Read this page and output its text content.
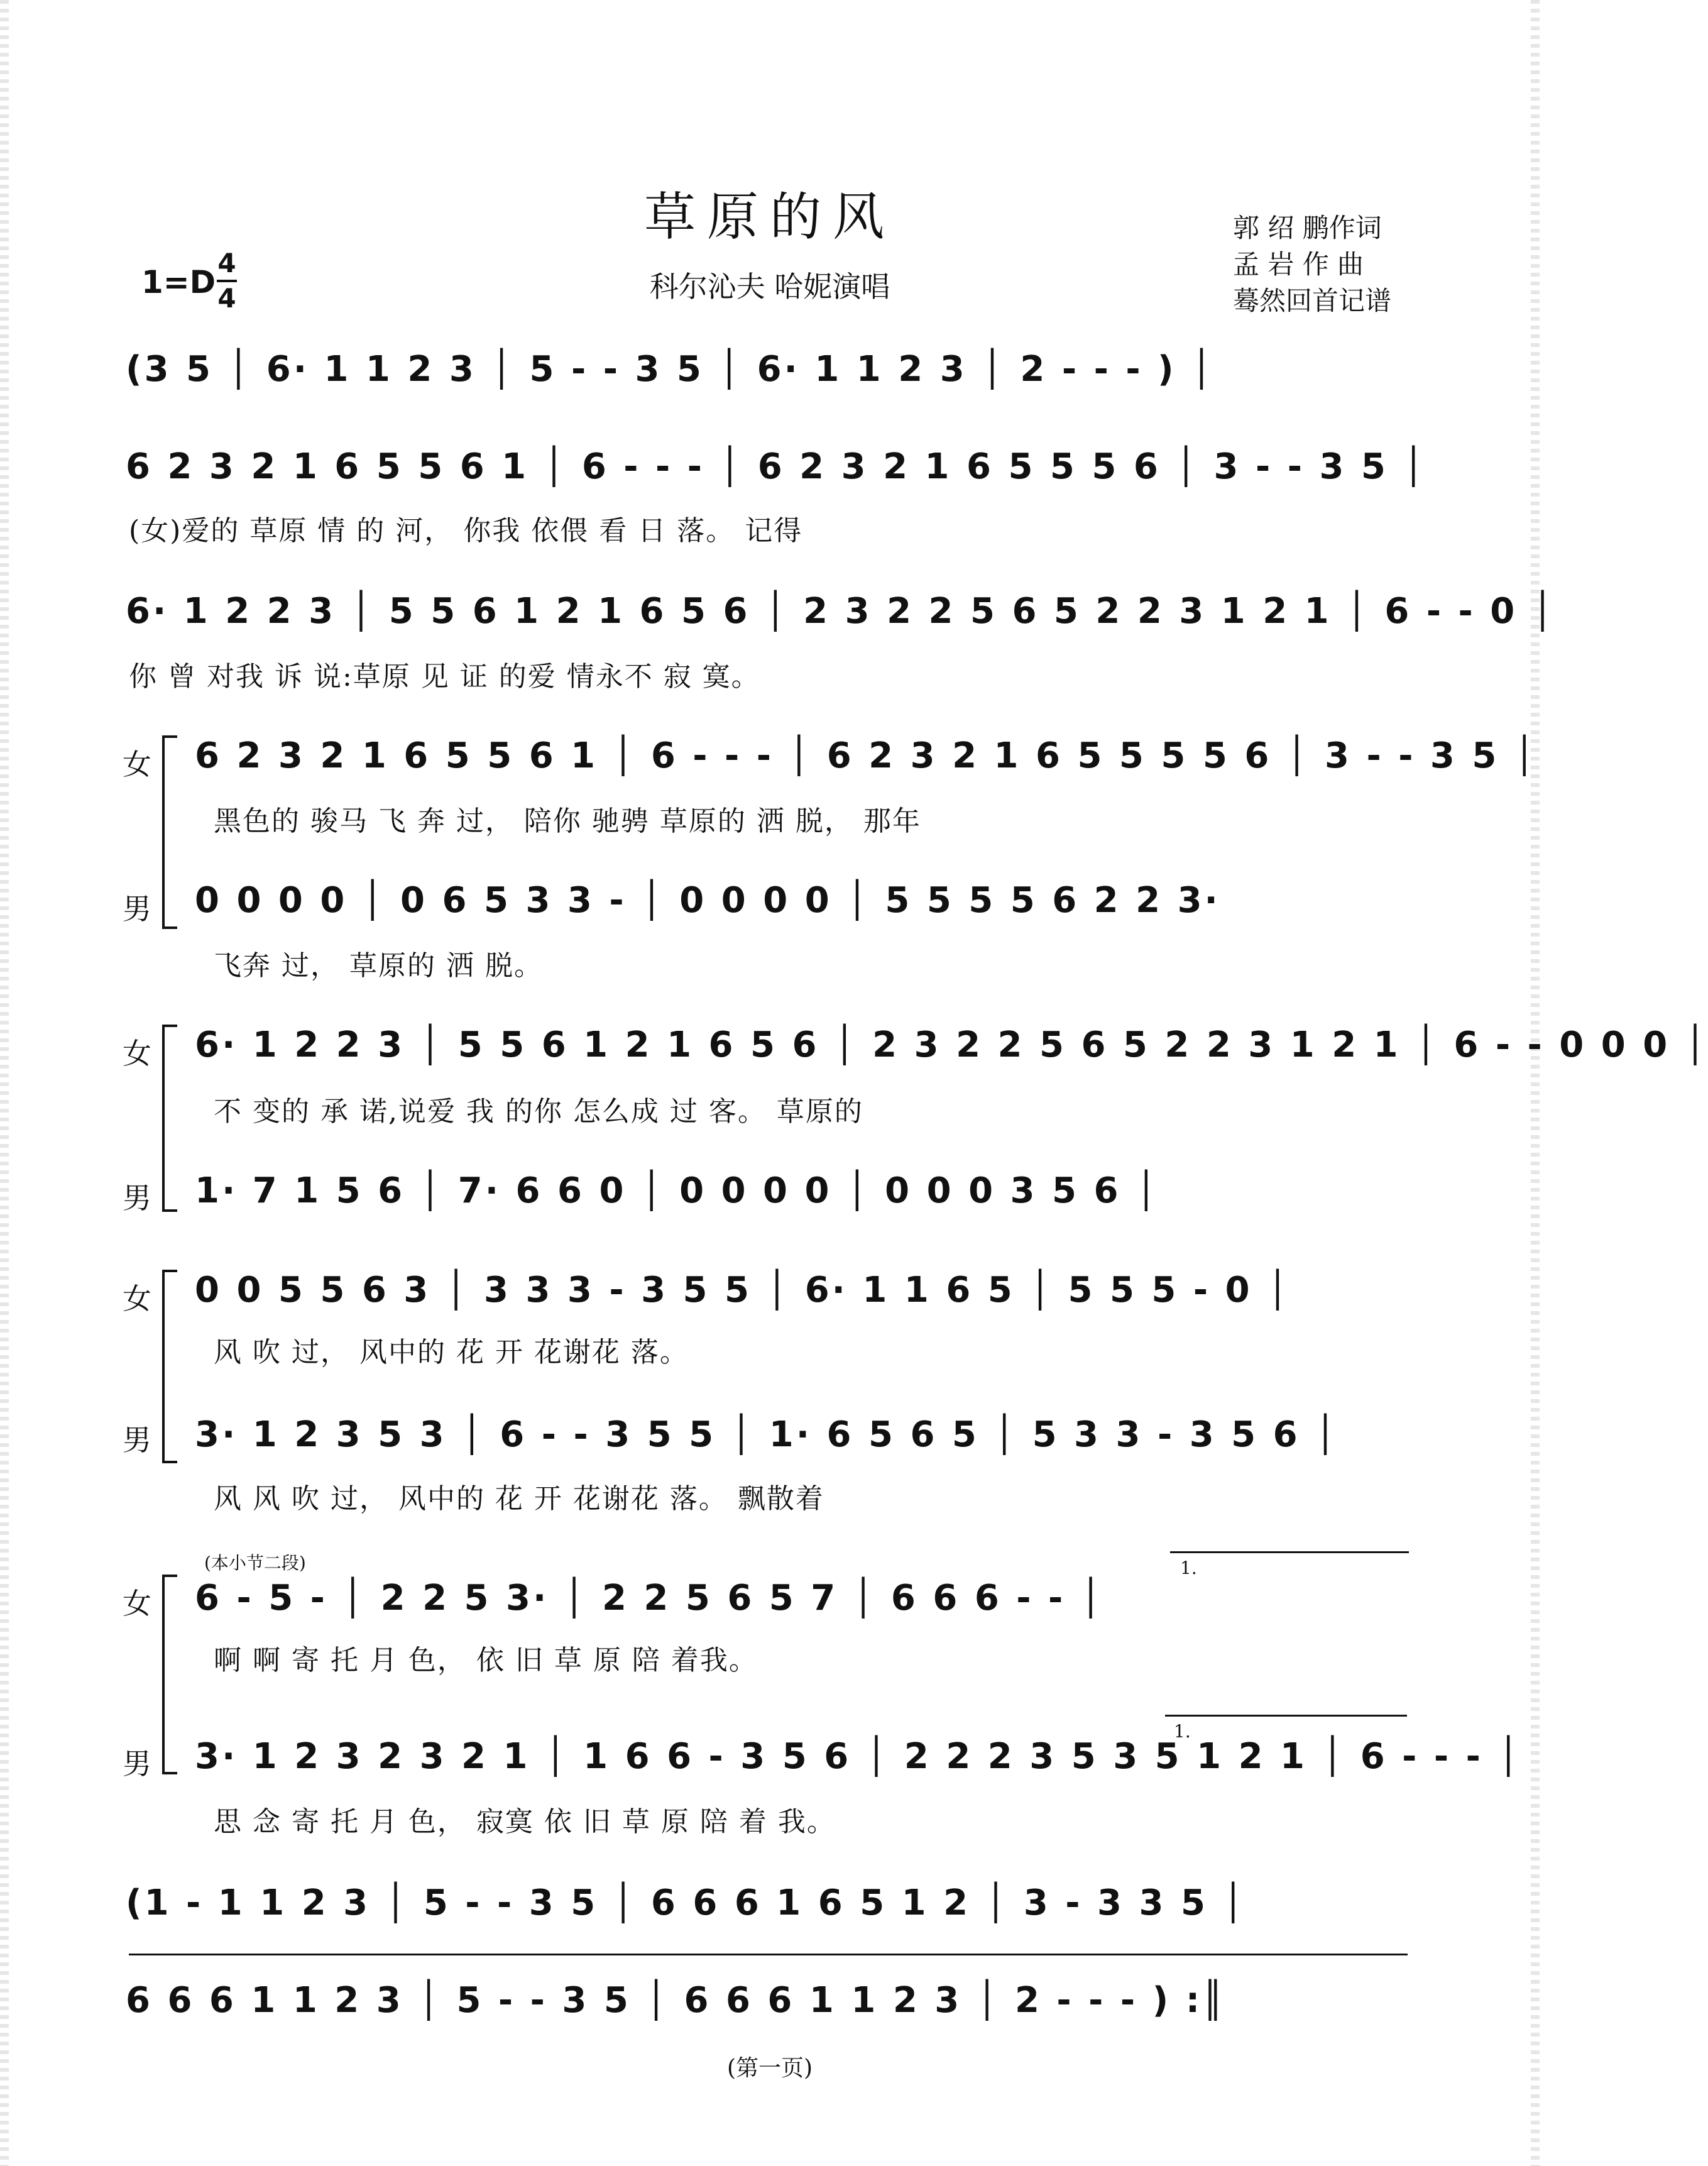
草原的风
科尔沁夫 哈妮演唱
郭 绍 鹏作词
孟 岩 作 曲
蓦然回首记谱
1=D
4
4
(3 5 │ 6· 1 1 2 3 │ 5 - - 3 5 │ 6· 1 1 2 3 │ 2 - - - ) │
6 2 3 2 1 6 5 5 6 1 │ 6 - - - │ 6 2 3 2 1 6 5 5 5 6 │ 3 - - 3 5 │
(女)爱的 草原 情 的 河， 你我 依偎 看 日 落。 记得
6· 1 2 2 3 │ 5 5 6 1 2 1 6 5 6 │ 2 3 2 2 5 6 5 2 2 3 1 2 1 │ 6 - - 0 │
你 曾 对我 诉 说:草原 见 证 的爱 情永不 寂 寞。
女 6 2 3 2 1 6 5 5 6 1 │ 6 - - - │ 6 2 3 2 1 6 5 5 5 5 6 │ 3 - - 3 5 │
黑色的 骏马 飞 奔 过， 陪你 驰骋 草原的 洒 脱， 那年
男 0 0 0 0 │ 0 6 5 3 3 - │ 0 0 0 0 │ 5 5 5 5 6 2 2 3·
飞奔 过， 草原的 洒 脱。
女 6· 1 2 2 3 │ 5 5 6 1 2 1 6 5 6 │ 2 3 2 2 5 6 5 2 2 3 1 2 1 │ 6 - - 0 0 0 │
不 变的 承 诺,说爱 我 的你 怎么成 过 客。 草原的
男 1· 7 1 5 6 │ 7· 6 6 0 │ 0 0 0 0 │ 0 0 0 3 5 6 │
女 0 0 5 5 6 3 │ 3 3 3 - 3 5 5 │ 6· 1 1 6 5 │ 5 5 5 - 0 │
风 吹 过， 风中的 花 开 花谢花 落。
男 3· 1 2 3 5 3 │ 6 - - 3 5 5 │ 1· 6 5 6 5 │ 5 3 3 - 3 5 6 │
风 风 吹 过， 风中的 花 开 花谢花 落。 飘散着
(本小节二段)
女 6 - 5 - │ 2 2 5 3· │ 2 2 5 6 5 7 │ 6 6 6 - - │
啊 啊 寄 托 月 色， 依 旧 草 原 陪 着我。
1.
男 3· 1 2 3 2 3 2 1 │ 1 6 6 - 3 5 6 │ 2 2 2 3 5 3 5 1 2 1 │ 6 - - - │
思 念 寄 托 月 色， 寂寞 依 旧 草 原 陪 着 我。
1.
(1 - 1 1 2 3 │ 5 - - 3 5 │ 6 6 6 1 6 5 1 2 │ 3 - 3 3 5 │
6 6 6 1 1 2 3 │ 5 - - 3 5 │ 6 6 6 1 1 2 3 │ 2 - - - ) :║
(第一页)
